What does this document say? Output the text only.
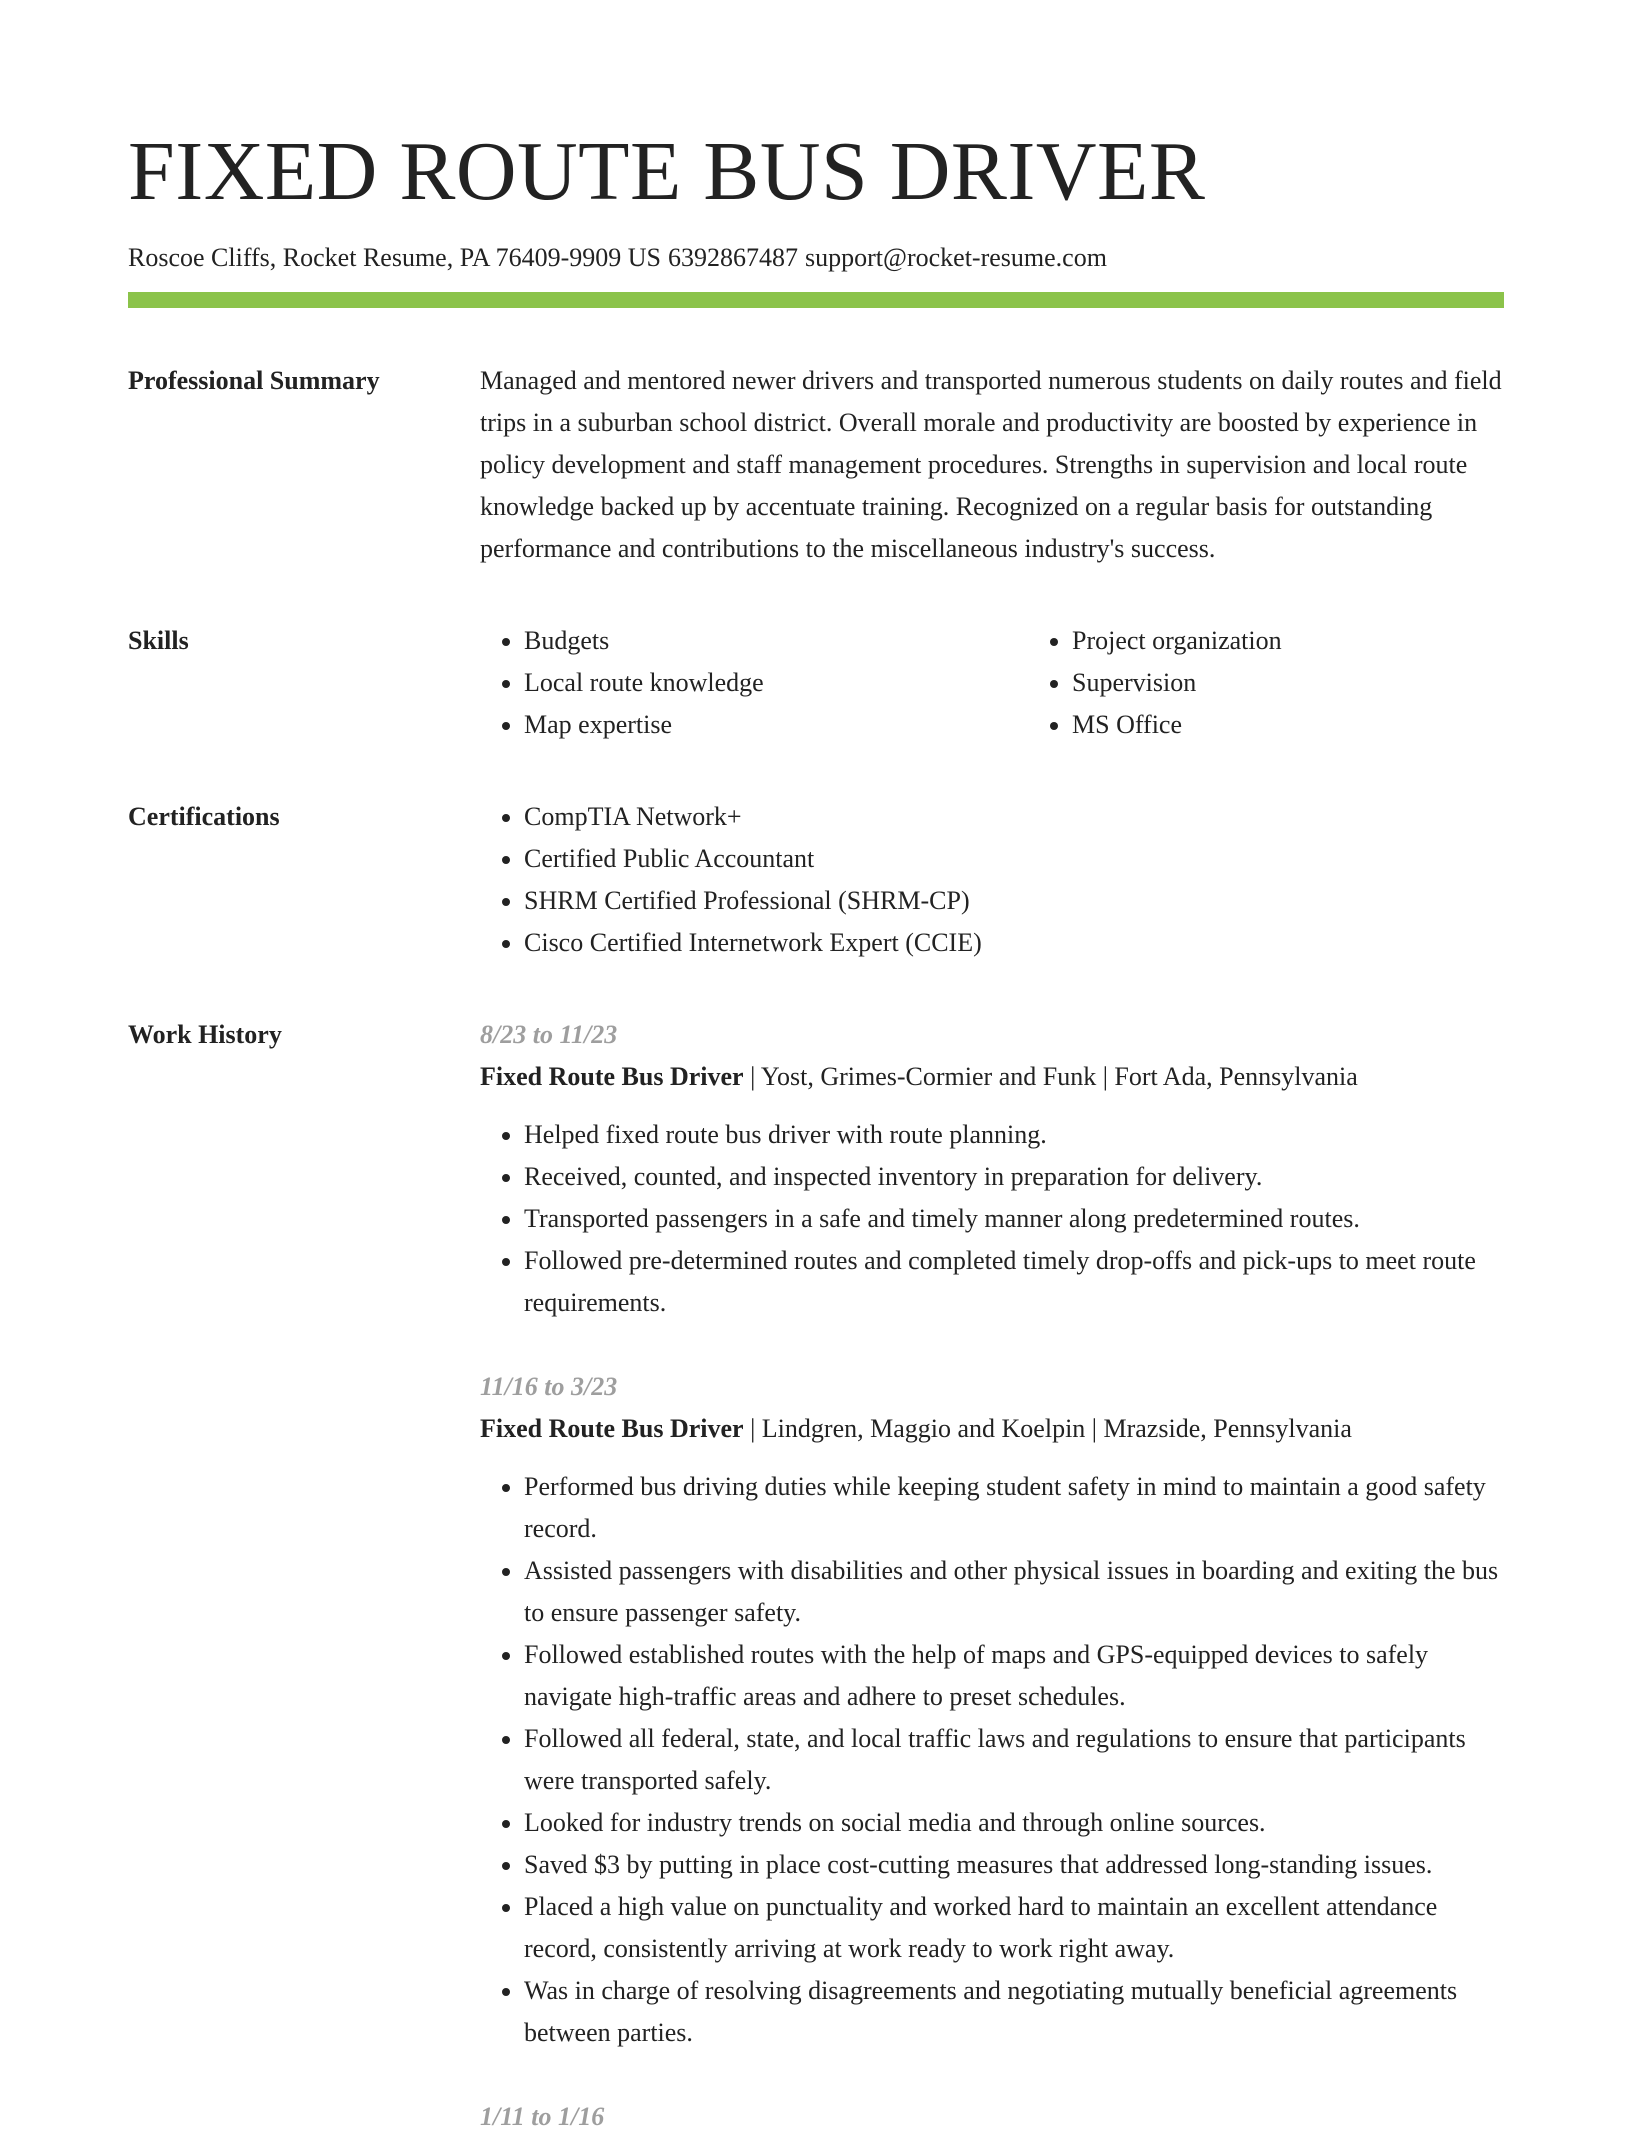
FIXED ROUTE BUS DRIVER
Roscoe Cliffs, Rocket Resume, PA 76409-9909 US 6392867487 support@rocket-resume.com
Professional Summary	Managed and mentored newer drivers and transported numerous students on daily routes and field trips in a suburban school district. Overall morale and productivity are boosted by experience in policy development and staff management procedures. Strengths in supervision and local route knowledge backed up by accentuate training. Recognized on a regular basis for outstanding performance and contributions to the miscellaneous industry's success.

Skills	• Budgets
• Local route knowledge
• Map expertise
• Project organization
• Supervision
• MS Office
Certifications	• CompTIA Network+
• Certified Public Accountant
• SHRM Certified Professional (SHRM-CP)
• Cisco Certified Internetwork Expert (CCIE)
Work History	8/23 to 11/23
Fixed Route Bus Driver | Yost, Grimes-Cormier and Funk | Fort Ada, Pennsylvania
• Helped fixed route bus driver with route planning.
• Received, counted, and inspected inventory in preparation for delivery.
• Transported passengers in a safe and timely manner along predetermined routes.
• Followed pre-determined routes and completed timely drop-offs and pick-ups to meet route requirements.
11/16 to 3/23
Fixed Route Bus Driver | Lindgren, Maggio and Koelpin | Mrazside, Pennsylvania
• Performed bus driving duties while keeping student safety in mind to maintain a good safety record.
• Assisted passengers with disabilities and other physical issues in boarding and exiting the bus to ensure passenger safety.
• Followed established routes with the help of maps and GPS-equipped devices to safely navigate high-traffic areas and adhere to preset schedules.
• Followed all federal, state, and local traffic laws and regulations to ensure that participants were transported safely.
• Looked for industry trends on social media and through online sources.
• Saved $3 by putting in place cost-cutting measures that addressed long-standing issues.
• Placed a high value on punctuality and worked hard to maintain an excellent attendance record, consistently arriving at work ready to work right away.
• Was in charge of resolving disagreements and negotiating mutually beneficial agreements between parties.
1/11 to 1/16
